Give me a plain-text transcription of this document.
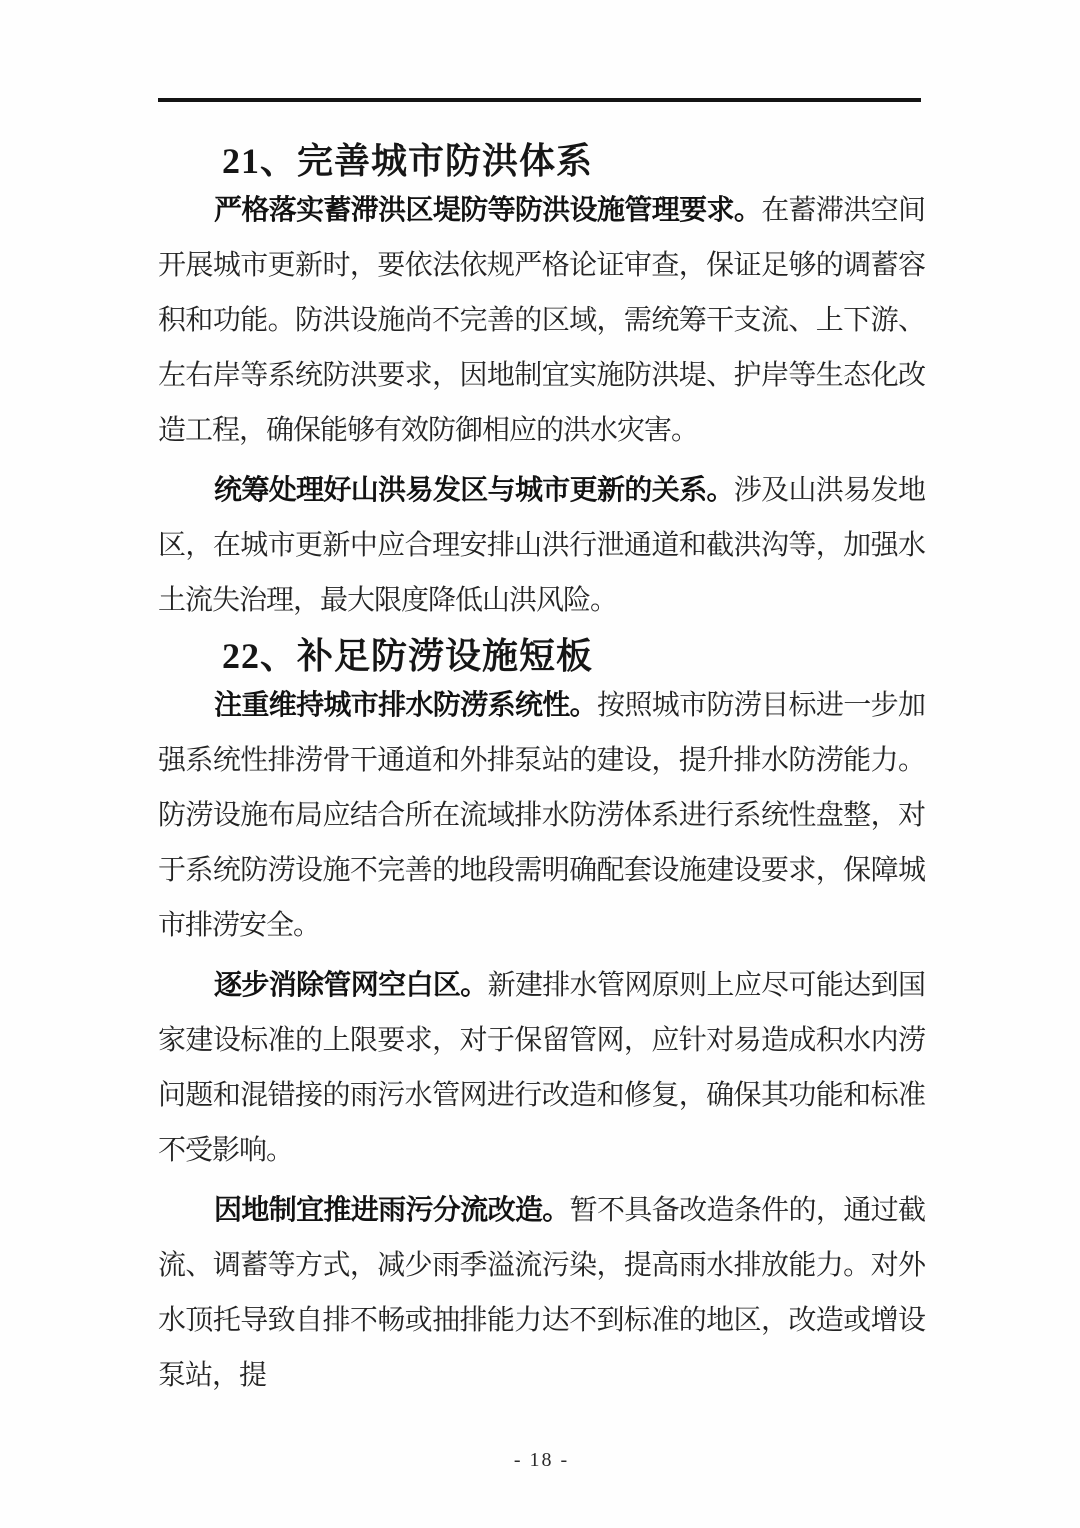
21、完善城市防洪体系

严格落实蓄滞洪区堤防等防洪设施管理要求。在蓄滞洪空间开展城市更新时，要依法依规严格论证审查，保证足够的调蓄容积和功能。防洪设施尚不完善的区域，需统筹干支流、上下游、左右岸等系统防洪要求，因地制宜实施防洪堤、护岸等生态化改造工程，确保能够有效防御相应的洪水灾害。

统筹处理好山洪易发区与城市更新的关系。涉及山洪易发地区，在城市更新中应合理安排山洪行泄通道和截洪沟等，加强水土流失治理，最大限度降低山洪风险。

22、补足防涝设施短板

注重维持城市排水防涝系统性。按照城市防涝目标进一步加强系统性排涝骨干通道和外排泵站的建设，提升排水防涝能力。防涝设施布局应结合所在流域排水防涝体系进行系统性盘整，对于系统防涝设施不完善的地段需明确配套设施建设要求，保障城市排涝安全。

逐步消除管网空白区。新建排水管网原则上应尽可能达到国家建设标准的上限要求，对于保留管网，应针对易造成积水内涝问题和混错接的雨污水管网进行改造和修复，确保其功能和标准不受影响。

因地制宜推进雨污分流改造。暂不具备改造条件的，通过截流、调蓄等方式，减少雨季溢流污染，提高雨水排放能力。对外水顶托导致自排不畅或抽排能力达不到标准的地区，改造或增设泵站，提

- 18 -
